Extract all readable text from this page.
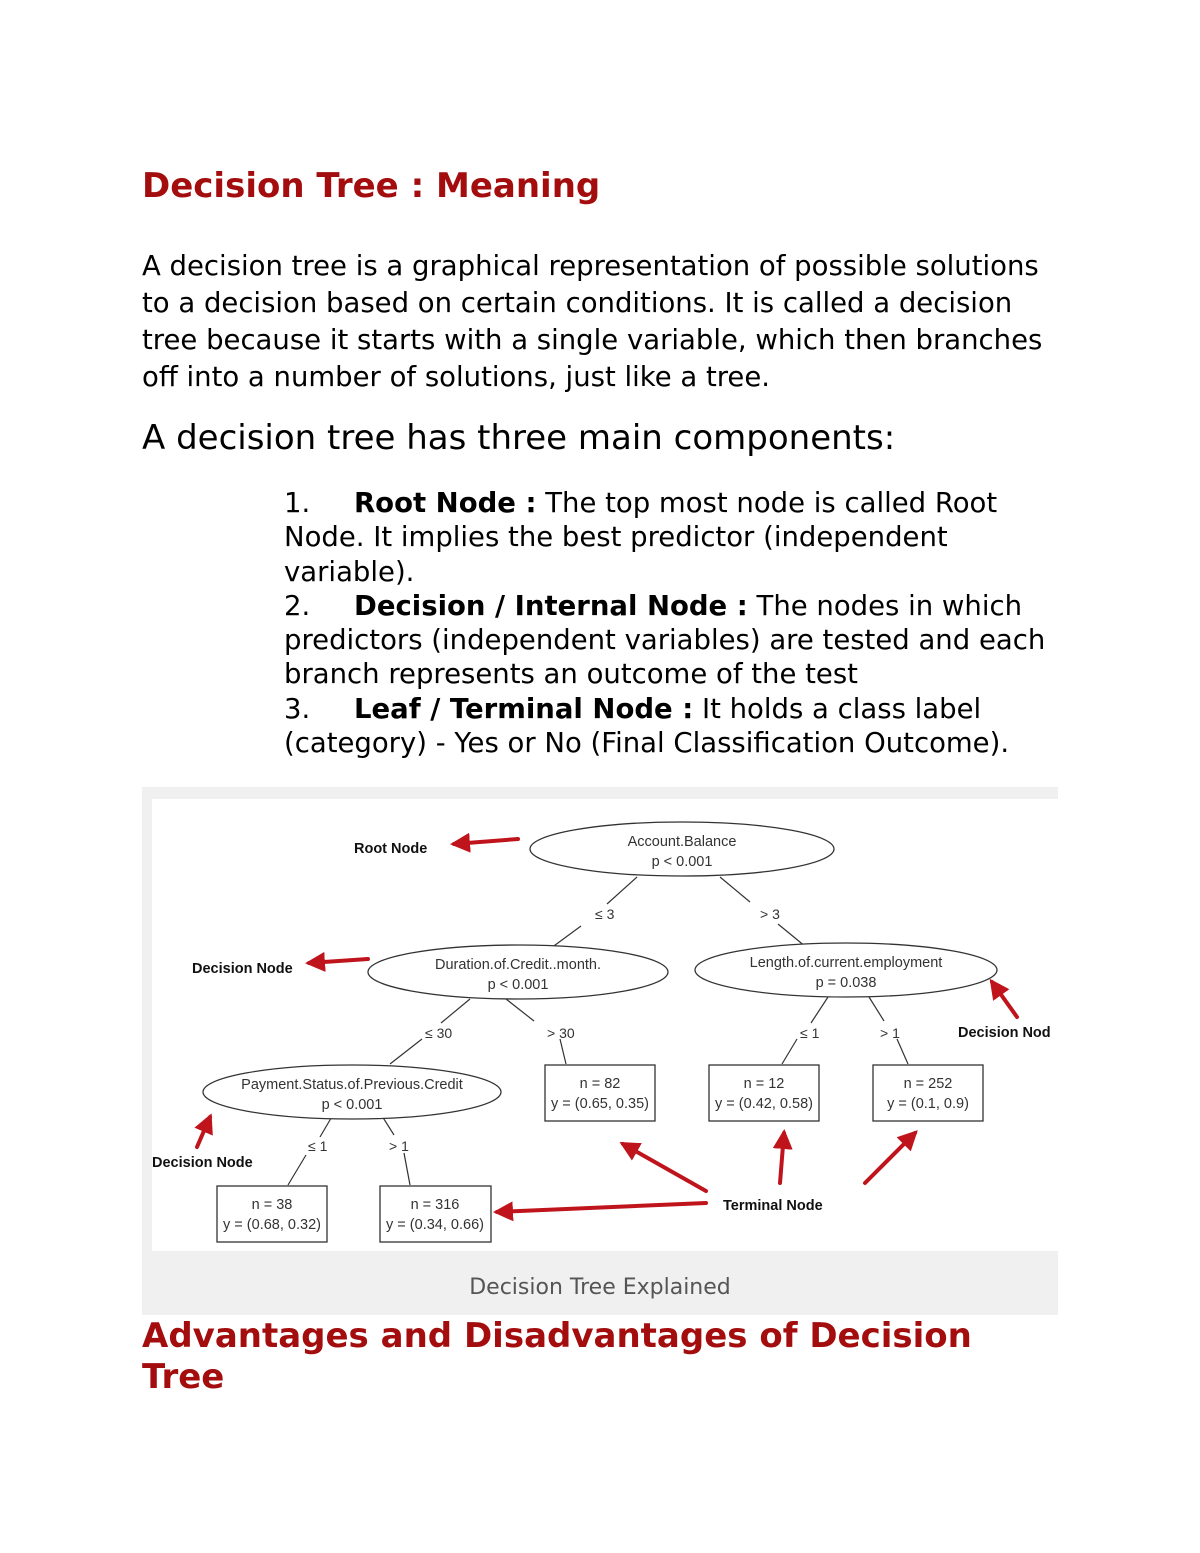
Decision Tree : Meaning

A decision tree is a graphical representation of possible solutions to a decision based on certain conditions. It is called a decision tree because it starts with a single variable, which then branches off into a number of solutions, just like a tree.

A decision tree has three main components:

1. Root Node : The top most node is called Root Node. It implies the best predictor (independent variable).
2. Decision / Internal Node : The nodes in which predictors (independent variables) are tested and each branch represents an outcome of the test
3. Leaf / Terminal Node : It holds a class label (category) - Yes or No (Final Classification Outcome).
Account.Balance
p < 0.001
Duration.of.Credit..month.
p < 0.001
Length.of.current.employment
p = 0.038
Payment.Status.of.Previous.Credit
p < 0.001
n = 38
y = (0.68, 0.32)
n = 316
y = (0.34, 0.66)
n = 82
y = (0.65, 0.35)
n = 12
y = (0.42, 0.58)
n = 252
y = (0.1, 0.9)
≤ 3	> 3
≤ 30	> 30	≤ 1	> 1
≤ 1	> 1
Root Node
Decision Node
Decision Nod
Decision Node
Terminal Node
Decision Tree Explained
Advantages and Disadvantages of Decision Tree
